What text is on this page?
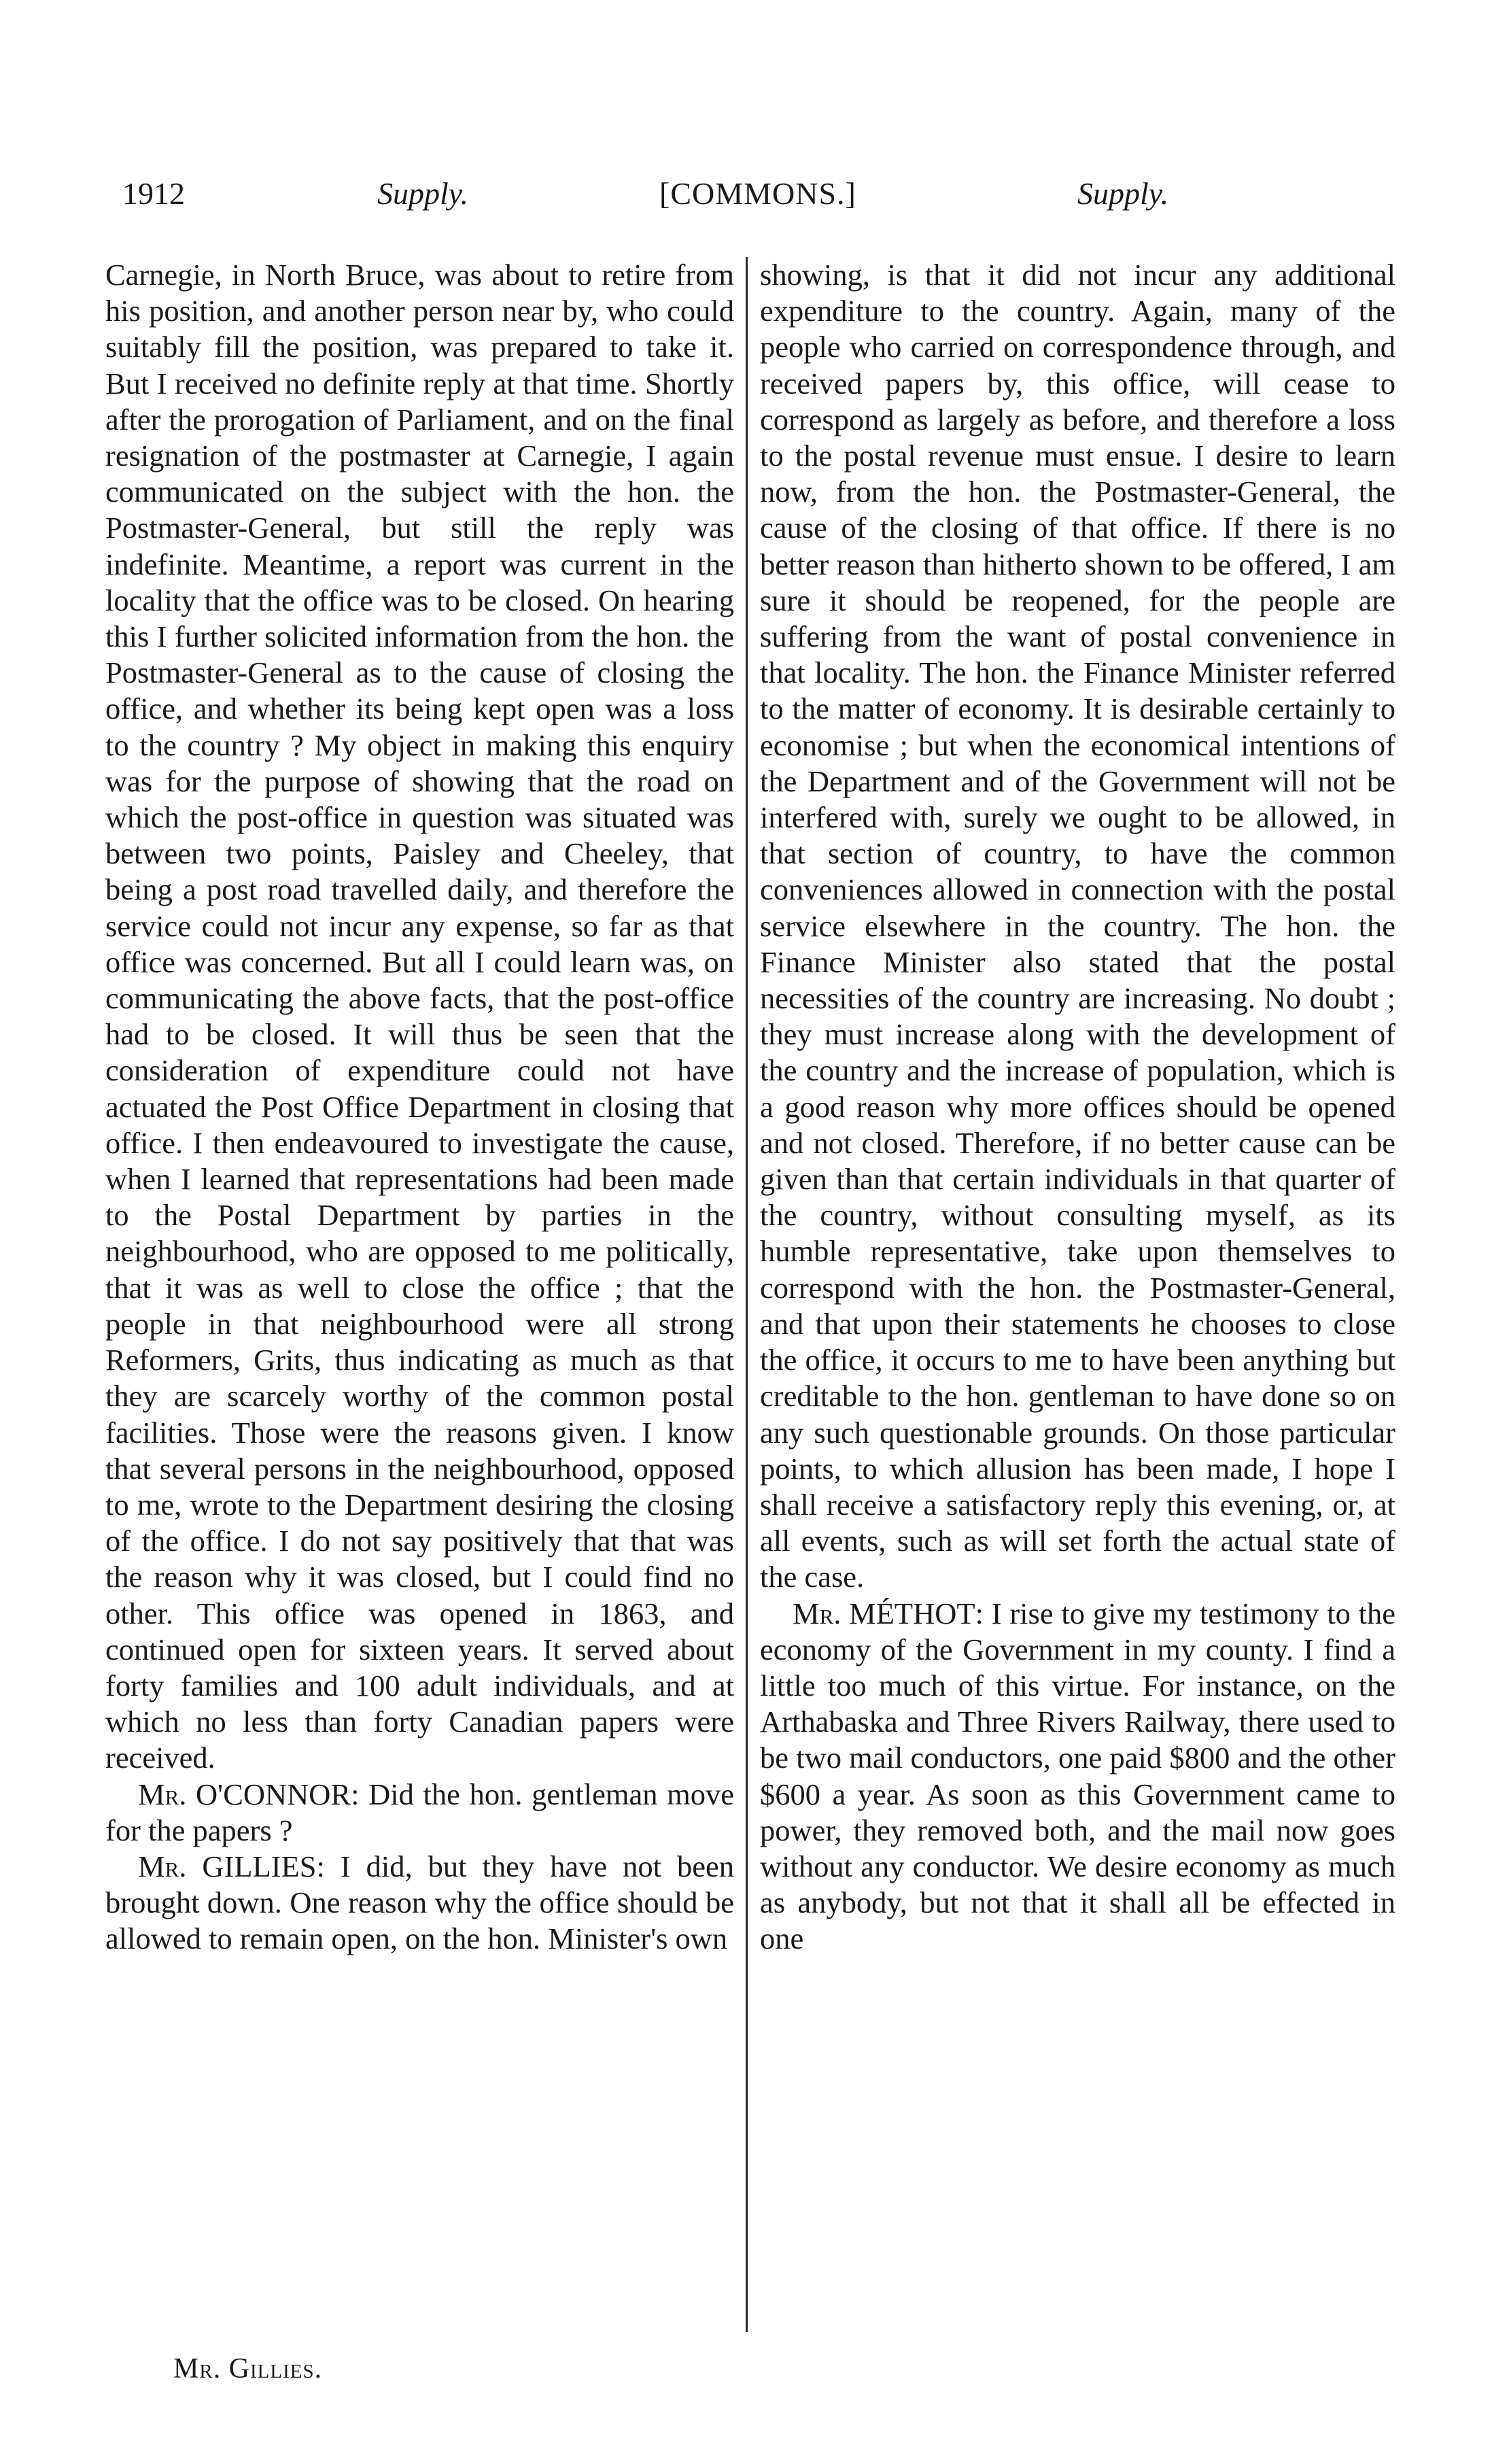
1912	Supply.	[COMMONS.]	Supply.

Carnegie, in North Bruce, was about to retire from his position, and another person near by, who could suitably fill the position, was prepared to take it. But I received no definite reply at that time. Shortly after the prorogation of Parliament, and on the final resignation of the postmaster at Carnegie, I again communicated on the subject with the hon. the Postmaster-General, but still the reply was indefinite. Meantime, a report was current in the locality that the office was to be closed. On hearing this I further solicited information from the hon. the Postmaster-General as to the cause of closing the office, and whether its being kept open was a loss to the country ? My object in making this enquiry was for the purpose of showing that the road on which the post-office in question was situated was between two points, Paisley and Cheeley, that being a post road travelled daily, and therefore the service could not incur any expense, so far as that office was concerned. But all I could learn was, on communicating the above facts, that the post-office had to be closed. It will thus be seen that the consideration of expenditure could not have actuated the Post Office Department in closing that office. I then endeavoured to investigate the cause, when I learned that representations had been made to the Postal Department by parties in the neighbourhood, who are opposed to me politically, that it was as well to close the office ; that the people in that neighbourhood were all strong Reformers, Grits, thus indicating as much as that they are scarcely worthy of the common postal facilities. Those were the reasons given. I know that several persons in the neighbourhood, opposed to me, wrote to the Department desiring the closing of the office. I do not say positively that that was the reason why it was closed, but I could find no other. This office was opened in 1863, and continued open for sixteen years. It served about forty families and 100 adult individuals, and at which no less than forty Canadian papers were received.

Mr. O'CONNOR: Did the hon. gentleman move for the papers ?

Mr. GILLIES: I did, but they have not been brought down. One reason why the office should be allowed to remain open, on the hon. Minister's own

showing, is that it did not incur any additional expenditure to the country. Again, many of the people who carried on correspondence through, and received papers by, this office, will cease to correspond as largely as before, and therefore a loss to the postal revenue must ensue. I desire to learn now, from the hon. the Postmaster-General, the cause of the closing of that office. If there is no better reason than hitherto shown to be offered, I am sure it should be reopened, for the people are suffering from the want of postal convenience in that locality. The hon. the Finance Minister referred to the matter of economy. It is desirable certainly to economise ; but when the economical intentions of the Department and of the Government will not be interfered with, surely we ought to be allowed, in that section of country, to have the common conveniences allowed in connection with the postal service elsewhere in the country. The hon. the Finance Minister also stated that the postal necessities of the country are increasing. No doubt ; they must increase along with the development of the country and the increase of population, which is a good reason why more offices should be opened and not closed. Therefore, if no better cause can be given than that certain individuals in that quarter of the country, without consulting myself, as its humble representative, take upon themselves to correspond with the hon. the Postmaster-General, and that upon their statements he chooses to close the office, it occurs to me to have been anything but creditable to the hon. gentleman to have done so on any such questionable grounds. On those particular points, to which allusion has been made, I hope I shall receive a satisfactory reply this evening, or, at all events, such as will set forth the actual state of the case.

Mr. MÉTHOT: I rise to give my testimony to the economy of the Government in my county. I find a little too much of this virtue. For instance, on the Arthabaska and Three Rivers Railway, there used to be two mail conductors, one paid $800 and the other $600 a year. As soon as this Government came to power, they removed both, and the mail now goes without any conductor. We desire economy as much as anybody, but not that it shall all be effected in one

Mr. Gillies.
